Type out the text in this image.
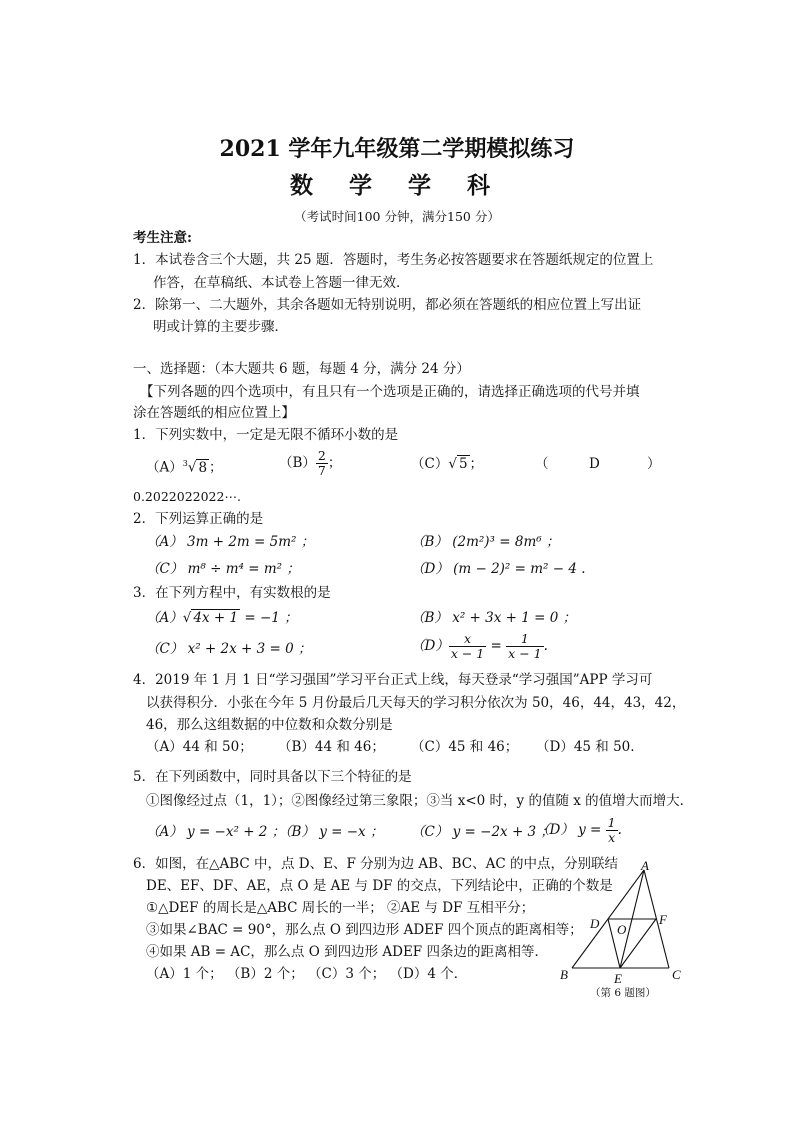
2021 学年九年级第二学期模拟练习
数 学 学 科
（考试时间100 分钟，满分150 分）
考生注意:
1．本试卷含三个大题，共 25 题．答题时，考生务必按答题要求在答题纸规定的位置上
作答，在草稿纸、本试卷上答题一律无效．
2．除第一、二大题外，其余各题如无特别说明，都必须在答题纸的相应位置上写出证
明或计算的主要步骤．
一、选择题：（本大题共 6 题，每题 4 分，满分 24 分）
【下列各题的四个选项中，有且只有一个选项是正确的，请选择正确选项的代号并填
涂在答题纸的相应位置上】
1．下列实数中，一定是无限不循环小数的是
$(A)^3√$ 8 ；	$(B) \frac{2}{7}$ ；	（C）√ 5 ；	（	D	）
0.2022022022⋯.
2．下列运算正确的是
（A） 3m + 2m = 5m² ；	（B） (2m²)³ = 8m⁶ ；
（C） m⁸ ÷ m⁴ = m² ；	（D） (m − 2)² = m² − 4 .
3．在下列方程中，有实数根的是
（A）√ 4x + 1 = −1 ；	（B） x² + 3x + 1 = 0 ；
（C） x² + 2x + 3 = 0 ；	$(D) \frac{x}{x - 1} = \frac{1}{x - 1}$ .
4．2019 年 1 月 1 日“学习强国”学习平台正式上线，每天登录“学习强国”APP 学习可
以获得积分．小张在今年 5 月份最后几天每天的学习积分依次为 50，46，44，43，42，
46，那么这组数据的中位数和众数分别是
（A）44 和 50； （B）44 和 46； （C）45 和 46； （D）45 和 50.
5．在下列函数中，同时具备以下三个特征的是
①图像经过点（1，1）；②图像经过第三象限；③当 x<0 时，y 的值随 x 的值增大而增大．
（A） y = −x² + 2 ；
（B） y = −x ； （C） y = −2x + 3 ；
（D） $y = \frac{1}{x}$ .
6．如图，在△ABC 中，点 D、E、F 分别为边 AB、BC、AC 的中点，分别联结
DE、EF、DF、AE，点 O 是 AE 与 DF 的交点，下列结论中，正确的个数是
①△DEF 的周长是△ABC 周长的一半； ②AE 与 DF 互相平分；
③如果∠BAC = 90°，那么点 O 到四边形 ADEF 四个顶点的距离相等；
④如果 AB = AC，那么点 O 到四边形 ADEF 四条边的距离相等．
（A）1 个； （B）2 个； （C）3 个； （D）4 个．
A
B	C
D
E
F
O
（第 6 题图）
